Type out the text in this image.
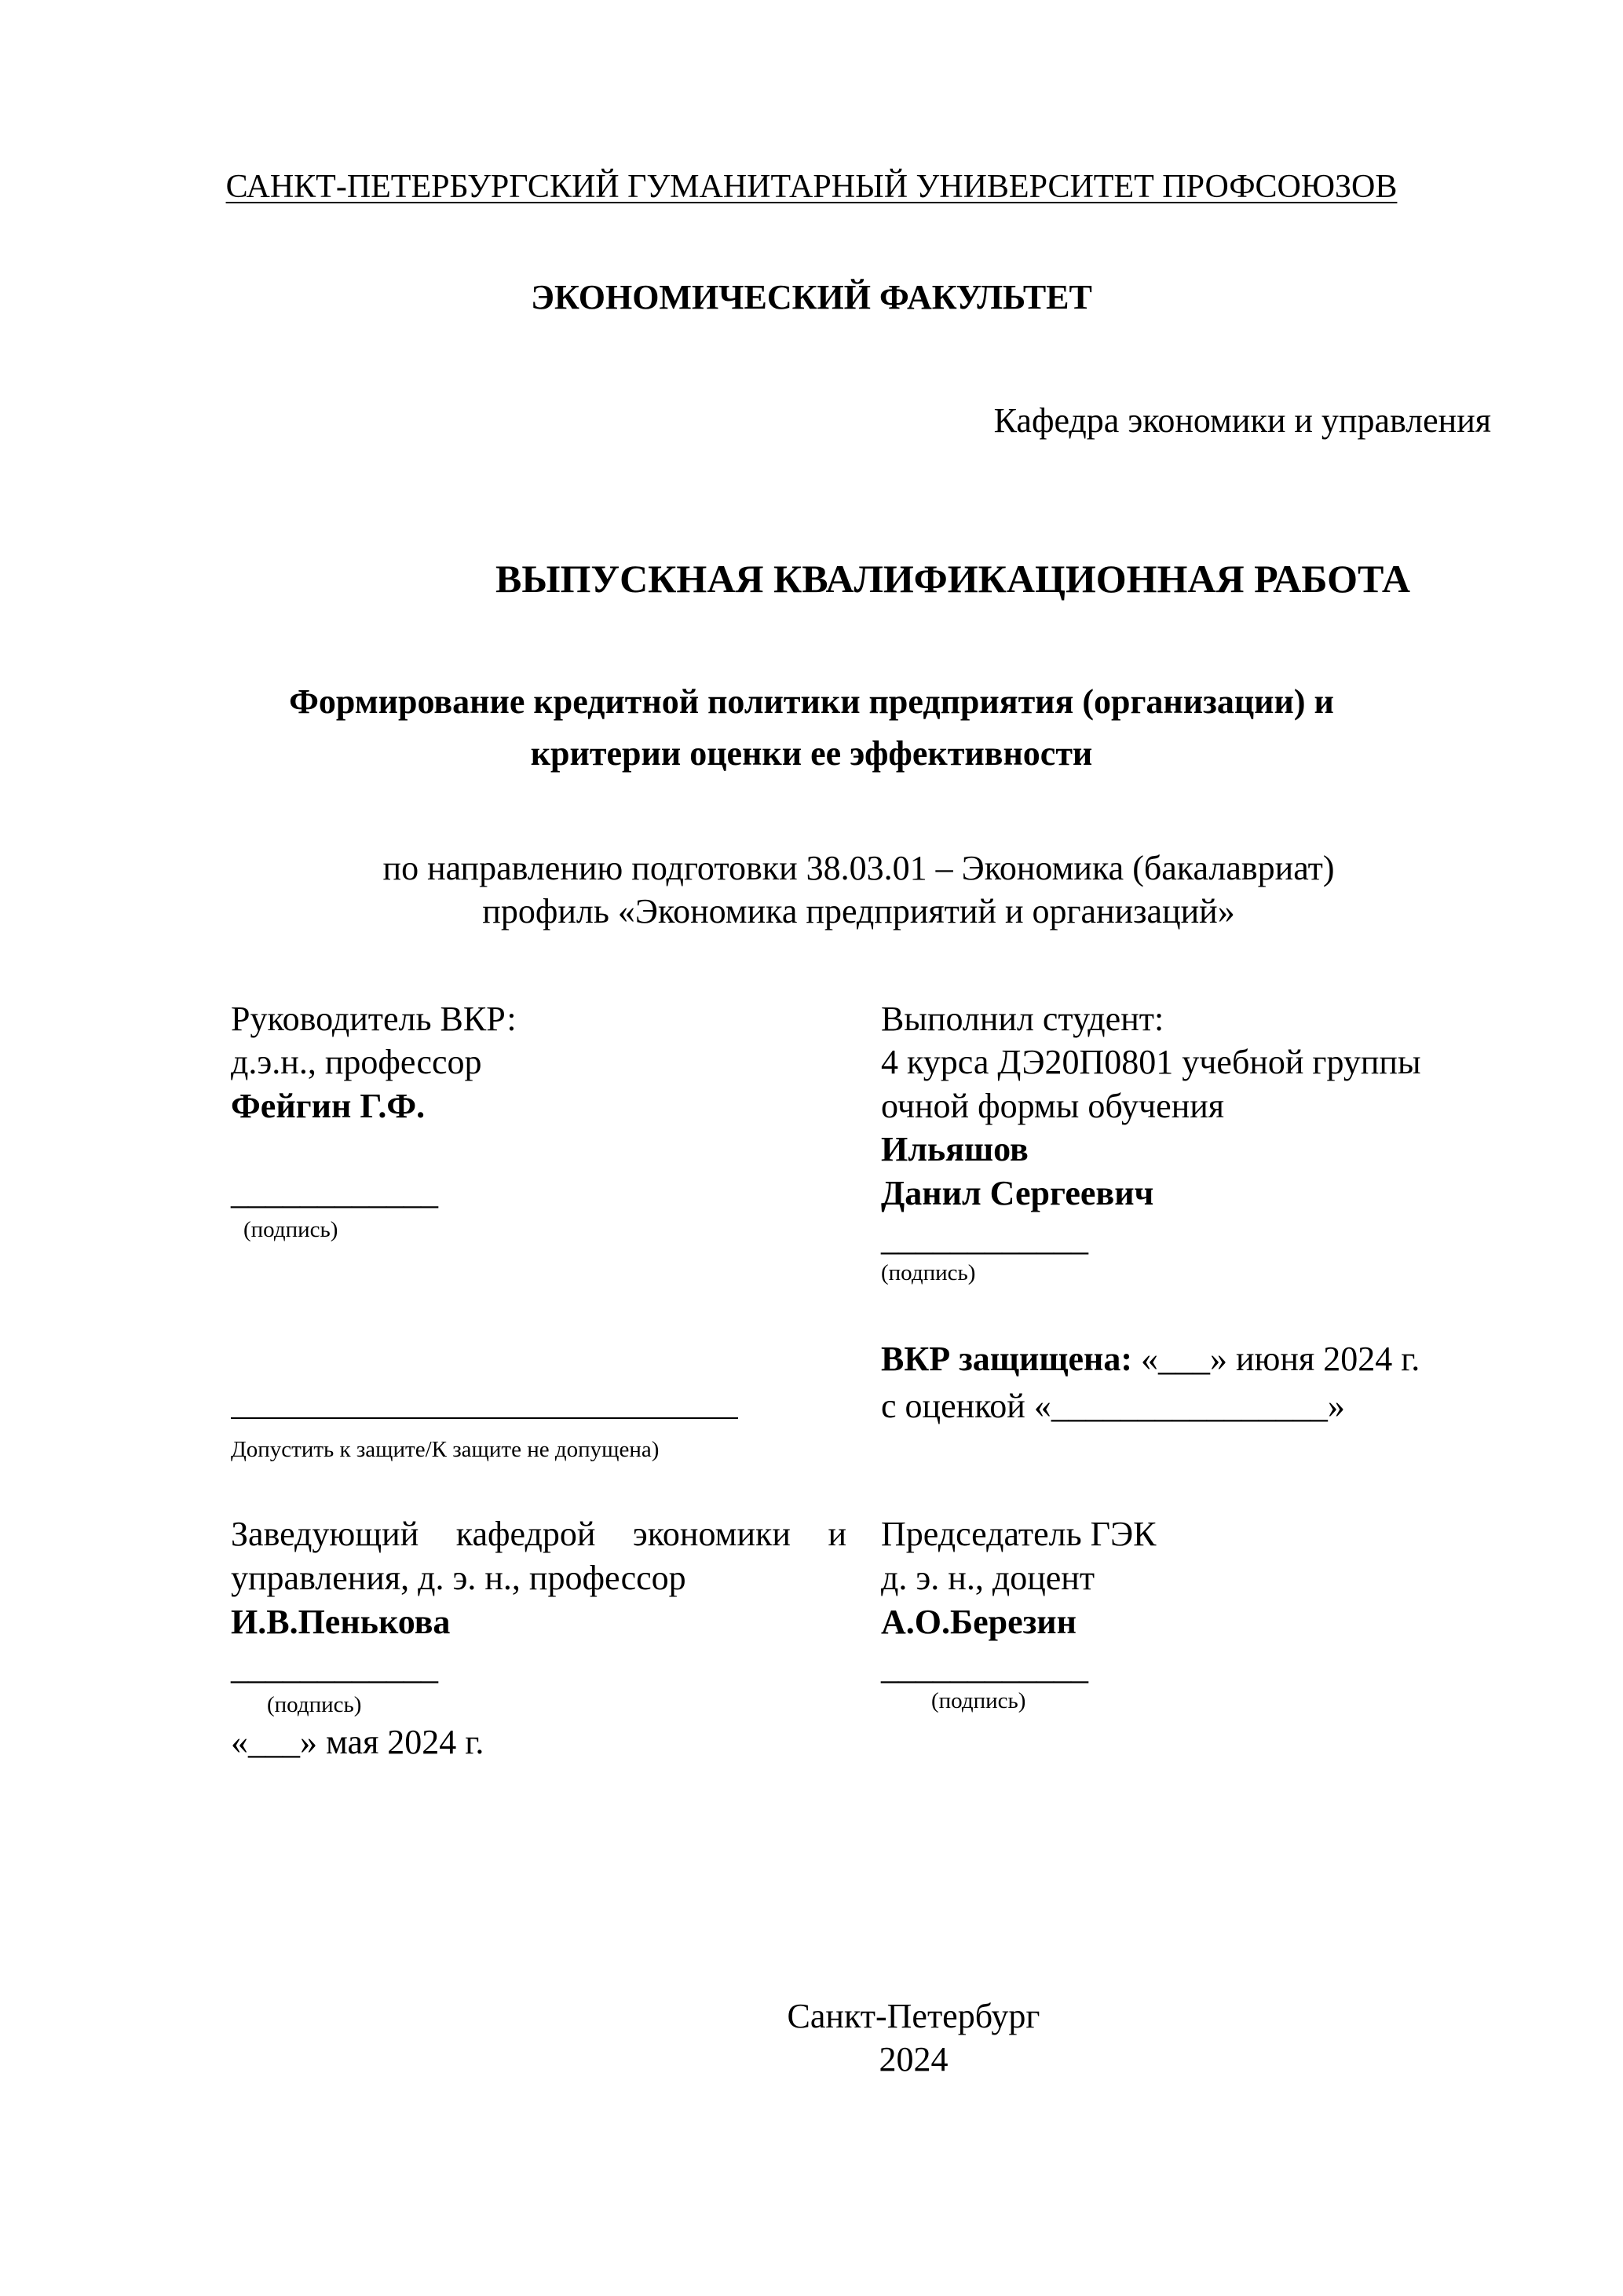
САНКТ-ПЕТЕРБУРГСКИЙ ГУМАНИТАРНЫЙ УНИВЕРСИТЕТ ПРОФСОЮЗОВ
ЭКОНОМИЧЕСКИЙ ФАКУЛЬТЕТ
Кафедра экономики и управления
ВЫПУСКНАЯ КВАЛИФИКАЦИОННАЯ РАБОТА
Формирование кредитной политики предприятия (организации) и
критерии оценки ее эффективности
по направлению подготовки 38.03.01 – Экономика (бакалавриат)
профиль «Экономика предприятий и организаций»
Руководитель ВКР:
д.э.н., профессор
Фейгин Г.Ф.
____________
(подпись)
Выполнил студент:
4 курса ДЭ20П0801 учебной группы
очной формы обучения
Ильяшов
Данил Сергеевич
____________
(подпись)
Допустить к защите/К защите не допущена)
ВКР защищена: «___» июня 2024 г.
с оценкой «________________»
Заведующий кафедрой экономики и
управления, д. э. н., профессор
И.В.Пенькова
____________
(подпись)
«___» мая 2024 г.
Председатель ГЭК
д. э. н., доцент
А.О.Березин
____________
(подпись)
Санкт-Петербург
2024
